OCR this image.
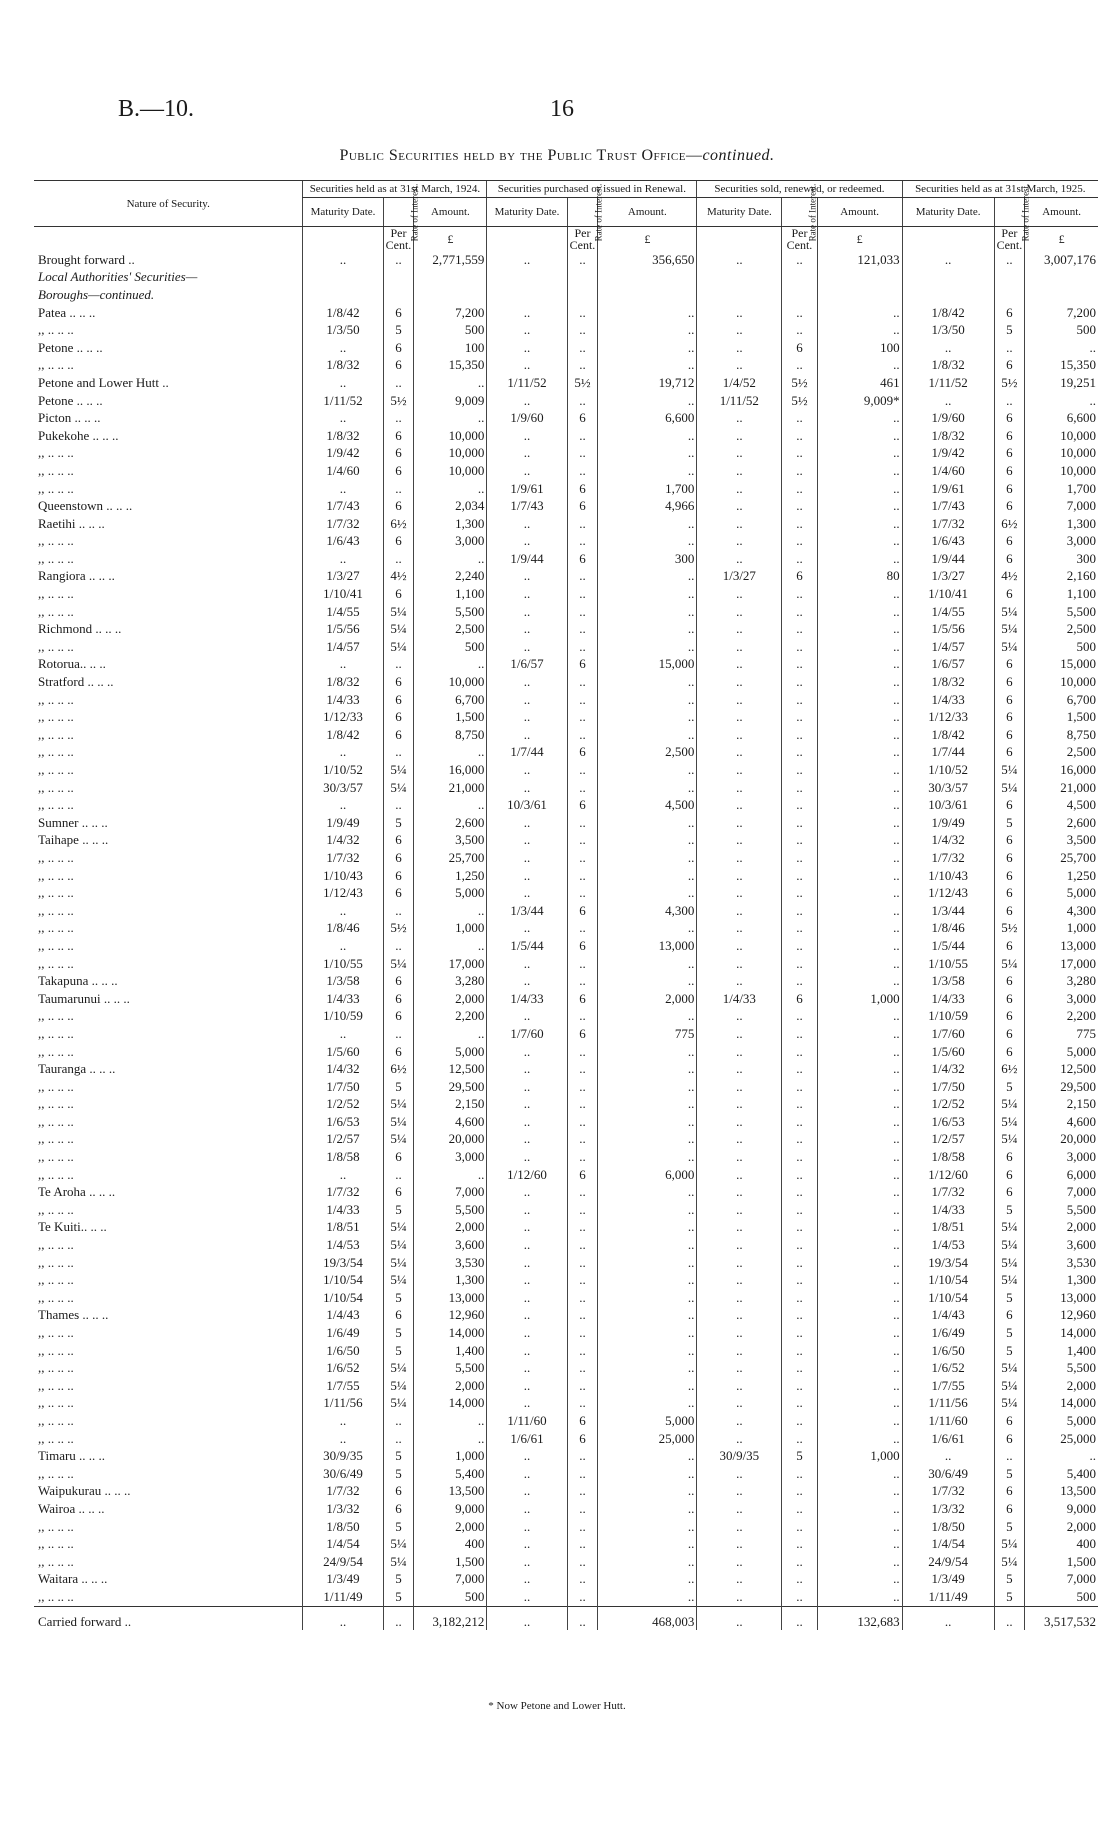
B.—10.	16
Public Securities held by the Public Trust Office—continued.
Nature of Security.	Securities held as at 31st March, 1924.			Securities purchased or issued in Renewal.			Securities sold, renewed, or redeemed.			Securities held as at 31st March, 1925.		
	Maturity Date.	Rate of Interest.	Amount.	Maturity Date.	Rate of Interest.	Amount.	Maturity Date.	Rate of Interest.	Amount.	Maturity Date.	Rate of Interest.	Amount.
		Per Cent.	£		Per Cent.	£		Per Cent.	£		Per Cent.	£
Brought forward ..	..	..	2,771,559	..	..	356,650	..	..	121,033	..	..	3,007,176
Local Authorities' Securities—												
Boroughs—continued.												
Patea .. .. ..	1/8/42	6	7,200	..	..	..	..	..	..	1/8/42	6	7,200
,, .. .. ..	1/3/50	5	500	..	..	..	..	..	..	1/3/50	5	500
Petone .. .. ..	..	6	100	..	..	..	..	6	100	..	..	..
,, .. .. ..	1/8/32	6	15,350	..	..	..	..	..	..	1/8/32	6	15,350
Petone and Lower Hutt ..	..	..	..	1/11/52	5½	19,712	1/4/52	5½	461	1/11/52	5½	19,251
Petone .. .. ..	1/11/52	5½	9,009	..	..	..	1/11/52	5½	9,009*	..	..	..
Picton .. .. ..	..	..	..	1/9/60	6	6,600	..	..	..	1/9/60	6	6,600
Pukekohe .. .. ..	1/8/32	6	10,000	..	..	..	..	..	..	1/8/32	6	10,000
,, .. .. ..	1/9/42	6	10,000	..	..	..	..	..	..	1/9/42	6	10,000
,, .. .. ..	1/4/60	6	10,000	..	..	..	..	..	..	1/4/60	6	10,000
,, .. .. ..	..	..	..	1/9/61	6	1,700	..	..	..	1/9/61	6	1,700
Queenstown .. .. ..	1/7/43	6	2,034	1/7/43	6	4,966	..	..	..	1/7/43	6	7,000
Raetihi .. .. ..	1/7/32	6½	1,300	..	..	..	..	..	..	1/7/32	6½	1,300
,, .. .. ..	1/6/43	6	3,000	..	..	..	..	..	..	1/6/43	6	3,000
,, .. .. ..	..	..	..	1/9/44	6	300	..	..	..	1/9/44	6	300
Rangiora .. .. ..	1/3/27	4½	2,240	..	..	..	1/3/27	6	80	1/3/27	4½	2,160
,, .. .. ..	1/10/41	6	1,100	..	..	..	..	..	..	1/10/41	6	1,100
,, .. .. ..	1/4/55	5¼	5,500	..	..	..	..	..	..	1/4/55	5¼	5,500
Richmond .. .. ..	1/5/56	5¼	2,500	..	..	..	..	..	..	1/5/56	5¼	2,500
,, .. .. ..	1/4/57	5¼	500	..	..	..	..	..	..	1/4/57	5¼	500
Rotorua.. .. ..	..	..	..	1/6/57	6	15,000	..	..	..	1/6/57	6	15,000
Stratford .. .. ..	1/8/32	6	10,000	..	..	..	..	..	..	1/8/32	6	10,000
,, .. .. ..	1/4/33	6	6,700	..	..	..	..	..	..	1/4/33	6	6,700
,, .. .. ..	1/12/33	6	1,500	..	..	..	..	..	..	1/12/33	6	1,500
,, .. .. ..	1/8/42	6	8,750	..	..	..	..	..	..	1/8/42	6	8,750
,, .. .. ..	..	..	..	1/7/44	6	2,500	..	..	..	1/7/44	6	2,500
,, .. .. ..	1/10/52	5¼	16,000	..	..	..	..	..	..	1/10/52	5¼	16,000
,, .. .. ..	30/3/57	5¼	21,000	..	..	..	..	..	..	30/3/57	5¼	21,000
,, .. .. ..	..	..	..	10/3/61	6	4,500	..	..	..	10/3/61	6	4,500
Sumner .. .. ..	1/9/49	5	2,600	..	..	..	..	..	..	1/9/49	5	2,600
Taihape .. .. ..	1/4/32	6	3,500	..	..	..	..	..	..	1/4/32	6	3,500
,, .. .. ..	1/7/32	6	25,700	..	..	..	..	..	..	1/7/32	6	25,700
,, .. .. ..	1/10/43	6	1,250	..	..	..	..	..	..	1/10/43	6	1,250
,, .. .. ..	1/12/43	6	5,000	..	..	..	..	..	..	1/12/43	6	5,000
,, .. .. ..	..	..	..	1/3/44	6	4,300	..	..	..	1/3/44	6	4,300
,, .. .. ..	1/8/46	5½	1,000	..	..	..	..	..	..	1/8/46	5½	1,000
,, .. .. ..	..	..	..	1/5/44	6	13,000	..	..	..	1/5/44	6	13,000
,, .. .. ..	1/10/55	5¼	17,000	..	..	..	..	..	..	1/10/55	5¼	17,000
Takapuna .. .. ..	1/3/58	6	3,280	..	..	..	..	..	..	1/3/58	6	3,280
Taumarunui .. .. ..	1/4/33	6	2,000	1/4/33	6	2,000	1/4/33	6	1,000	1/4/33	6	3,000
,, .. .. ..	1/10/59	6	2,200	..	..	..	..	..	..	1/10/59	6	2,200
,, .. .. ..	..	..	..	1/7/60	6	775	..	..	..	1/7/60	6	775
,, .. .. ..	1/5/60	6	5,000	..	..	..	..	..	..	1/5/60	6	5,000
Tauranga .. .. ..	1/4/32	6½	12,500	..	..	..	..	..	..	1/4/32	6½	12,500
,, .. .. ..	1/7/50	5	29,500	..	..	..	..	..	..	1/7/50	5	29,500
,, .. .. ..	1/2/52	5¼	2,150	..	..	..	..	..	..	1/2/52	5¼	2,150
,, .. .. ..	1/6/53	5¼	4,600	..	..	..	..	..	..	1/6/53	5¼	4,600
,, .. .. ..	1/2/57	5¼	20,000	..	..	..	..	..	..	1/2/57	5¼	20,000
,, .. .. ..	1/8/58	6	3,000	..	..	..	..	..	..	1/8/58	6	3,000
,, .. .. ..	..	..	..	1/12/60	6	6,000	..	..	..	1/12/60	6	6,000
Te Aroha .. .. ..	1/7/32	6	7,000	..	..	..	..	..	..	1/7/32	6	7,000
,, .. .. ..	1/4/33	5	5,500	..	..	..	..	..	..	1/4/33	5	5,500
Te Kuiti.. .. ..	1/8/51	5¼	2,000	..	..	..	..	..	..	1/8/51	5¼	2,000
,, .. .. ..	1/4/53	5¼	3,600	..	..	..	..	..	..	1/4/53	5¼	3,600
,, .. .. ..	19/3/54	5¼	3,530	..	..	..	..	..	..	19/3/54	5¼	3,530
,, .. .. ..	1/10/54	5¼	1,300	..	..	..	..	..	..	1/10/54	5¼	1,300
,, .. .. ..	1/10/54	5	13,000	..	..	..	..	..	..	1/10/54	5	13,000
Thames .. .. ..	1/4/43	6	12,960	..	..	..	..	..	..	1/4/43	6	12,960
,, .. .. ..	1/6/49	5	14,000	..	..	..	..	..	..	1/6/49	5	14,000
,, .. .. ..	1/6/50	5	1,400	..	..	..	..	..	..	1/6/50	5	1,400
,, .. .. ..	1/6/52	5¼	5,500	..	..	..	..	..	..	1/6/52	5¼	5,500
,, .. .. ..	1/7/55	5¼	2,000	..	..	..	..	..	..	1/7/55	5¼	2,000
,, .. .. ..	1/11/56	5¼	14,000	..	..	..	..	..	..	1/11/56	5¼	14,000
,, .. .. ..	..	..	..	1/11/60	6	5,000	..	..	..	1/11/60	6	5,000
,, .. .. ..	..	..	..	1/6/61	6	25,000	..	..	..	1/6/61	6	25,000
Timaru .. .. ..	30/9/35	5	1,000	..	..	..	30/9/35	5	1,000	..	..	..
,, .. .. ..	30/6/49	5	5,400	..	..	..	..	..	..	30/6/49	5	5,400
Waipukurau .. .. ..	1/7/32	6	13,500	..	..	..	..	..	..	1/7/32	6	13,500
Wairoa .. .. ..	1/3/32	6	9,000	..	..	..	..	..	..	1/3/32	6	9,000
,, .. .. ..	1/8/50	5	2,000	..	..	..	..	..	..	1/8/50	5	2,000
,, .. .. ..	1/4/54	5¼	400	..	..	..	..	..	..	1/4/54	5¼	400
,, .. .. ..	24/9/54	5¼	1,500	..	..	..	..	..	..	24/9/54	5¼	1,500
Waitara .. .. ..	1/3/49	5	7,000	..	..	..	..	..	..	1/3/49	5	7,000
,, .. .. ..	1/11/49	5	500	..	..	..	..	..	..	1/11/49	5	500
Carried forward ..	..	..	3,182,212	..	..	468,003	..	..	132,683	..	..	3,517,532
* Now Petone and Lower Hutt.
